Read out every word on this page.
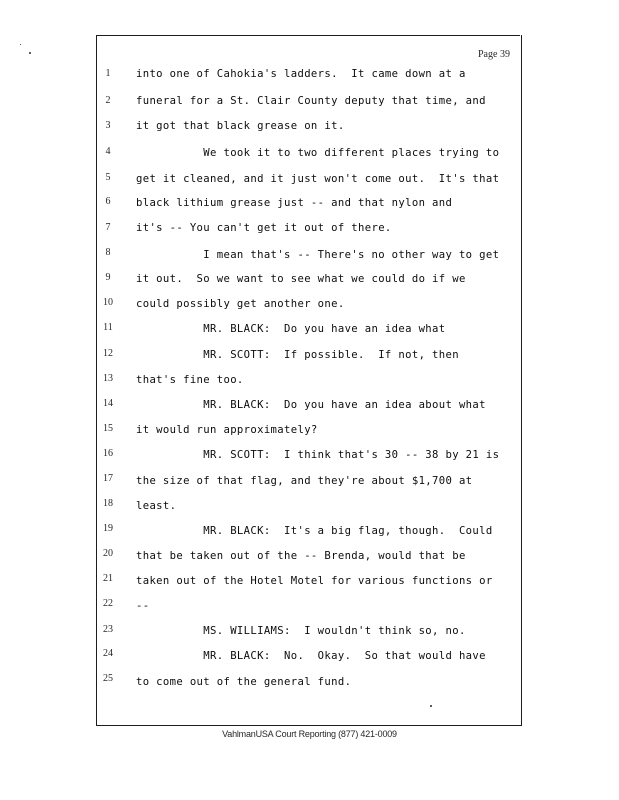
Page 39
1	into one of Cahokia's ladders.  It came down at a
2	funeral for a St. Clair County deputy that time, and
3	it got that black grease on it.
4	We took it to two different places trying to
5	get it cleaned, and it just won't come out.  It's that
6	black lithium grease just -- and that nylon and
7	it's -- You can't get it out of there.
8	I mean that's -- There's no other way to get
9	it out.  So we want to see what we could do if we
10	could possibly get another one.
11	MR. BLACK:  Do you have an idea what
12	MR. SCOTT:  If possible.  If not, then
13	that's fine too.
14	MR. BLACK:  Do you have an idea about what
15	it would run approximately?
16	MR. SCOTT:  I think that's 30 -- 38 by 21 is
17	the size of that flag, and they're about $1,700 at
18	least.
19	MR. BLACK:  It's a big flag, though.  Could
20	that be taken out of the -- Brenda, would that be
21	taken out of the Hotel Motel for various functions or
22	--
23	MS. WILLIAMS:  I wouldn't think so, no.
24	MR. BLACK:  No.  Okay.  So that would have
25	to come out of the general fund.
VahlmanUSA Court Reporting (877) 421-0009
